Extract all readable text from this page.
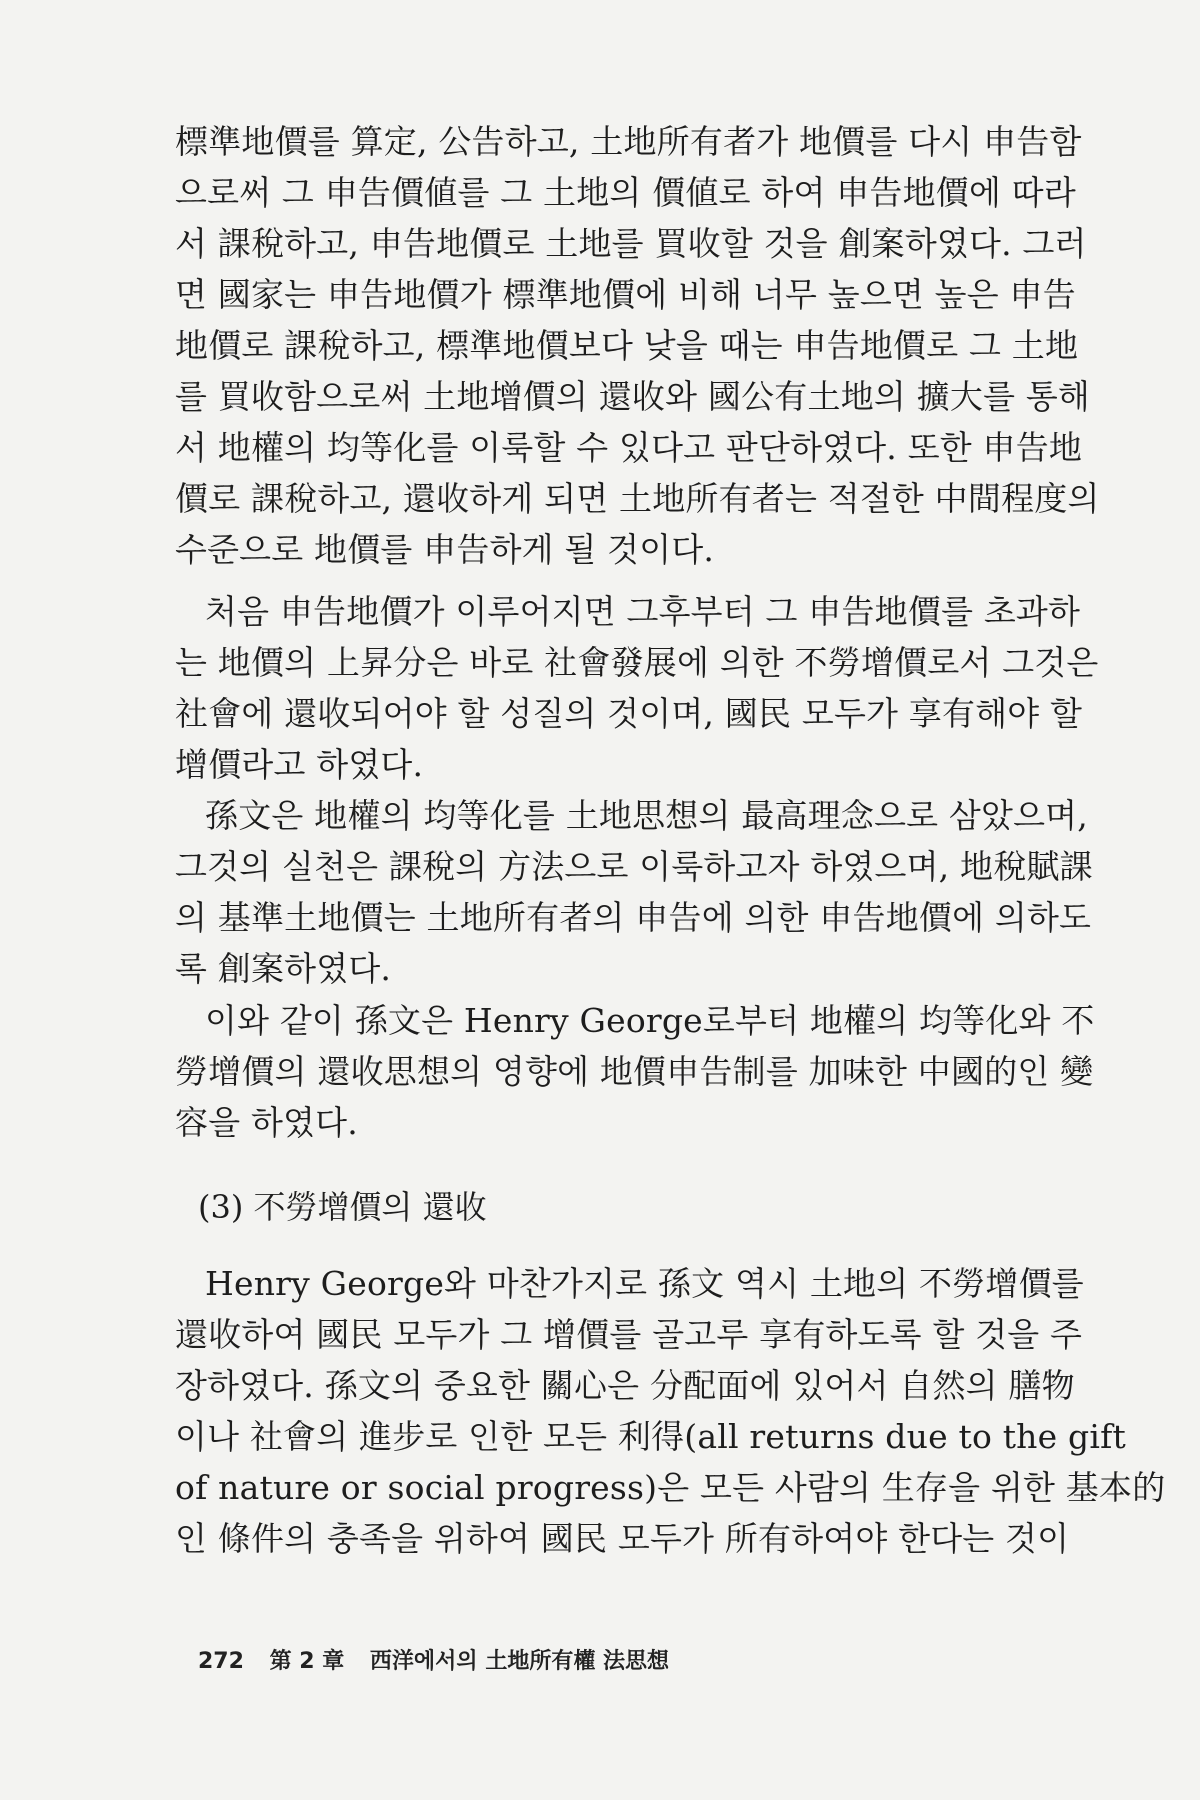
標準地價를 算定, 公告하고, 土地所有者가 地價를 다시 申告함
으로써 그 申告價値를 그 土地의 價値로 하여 申告地價에 따라
서 課稅하고, 申告地價로 土地를 買收할 것을 創案하였다. 그러
면 國家는 申告地價가 標準地價에 비해 너무 높으면 높은 申告
地價로 課稅하고, 標準地價보다 낮을 때는 申告地價로 그 土地
를 買收함으로써 土地增價의 還收와 國公有土地의 擴大를 통해
서 地權의 均等化를 이룩할 수 있다고 판단하였다. 또한 申告地
價로 課稅하고, 還收하게 되면 土地所有者는 적절한 中間程度의
수준으로 地價를 申告하게 될 것이다.
처음 申告地價가 이루어지면 그후부터 그 申告地價를 초과하
는 地價의 上昇分은 바로 社會發展에 의한 不勞增價로서 그것은
社會에 還收되어야 할 성질의 것이며, 國民 모두가 享有해야 할
增價라고 하였다.
孫文은 地權의 均等化를 土地思想의 最高理念으로 삼았으며,
그것의 실천은 課稅의 方法으로 이룩하고자 하였으며, 地稅賦課
의 基準土地價는 土地所有者의 申告에 의한 申告地價에 의하도
록 創案하였다.
이와 같이 孫文은 Henry George로부터 地權의 均等化와 不
勞增價의 還收思想의 영향에 地價申告制를 加味한 中國的인 變
容을 하였다.
(3) 不勞增價의 還收
Henry George와 마찬가지로 孫文 역시 土地의 不勞增價를
還收하여 國民 모두가 그 增價를 골고루 享有하도록 할 것을 주
장하였다. 孫文의 중요한 關心은 分配面에 있어서 自然의 膳物
이나 社會의 進步로 인한 모든 利得(all returns due to the gift
of nature or social progress)은 모든 사람의 生存을 위한 基本的
인 條件의 충족을 위하여 國民 모두가 所有하여야 한다는 것이
272 第 2 章 西洋에서의 土地所有權 法思想
